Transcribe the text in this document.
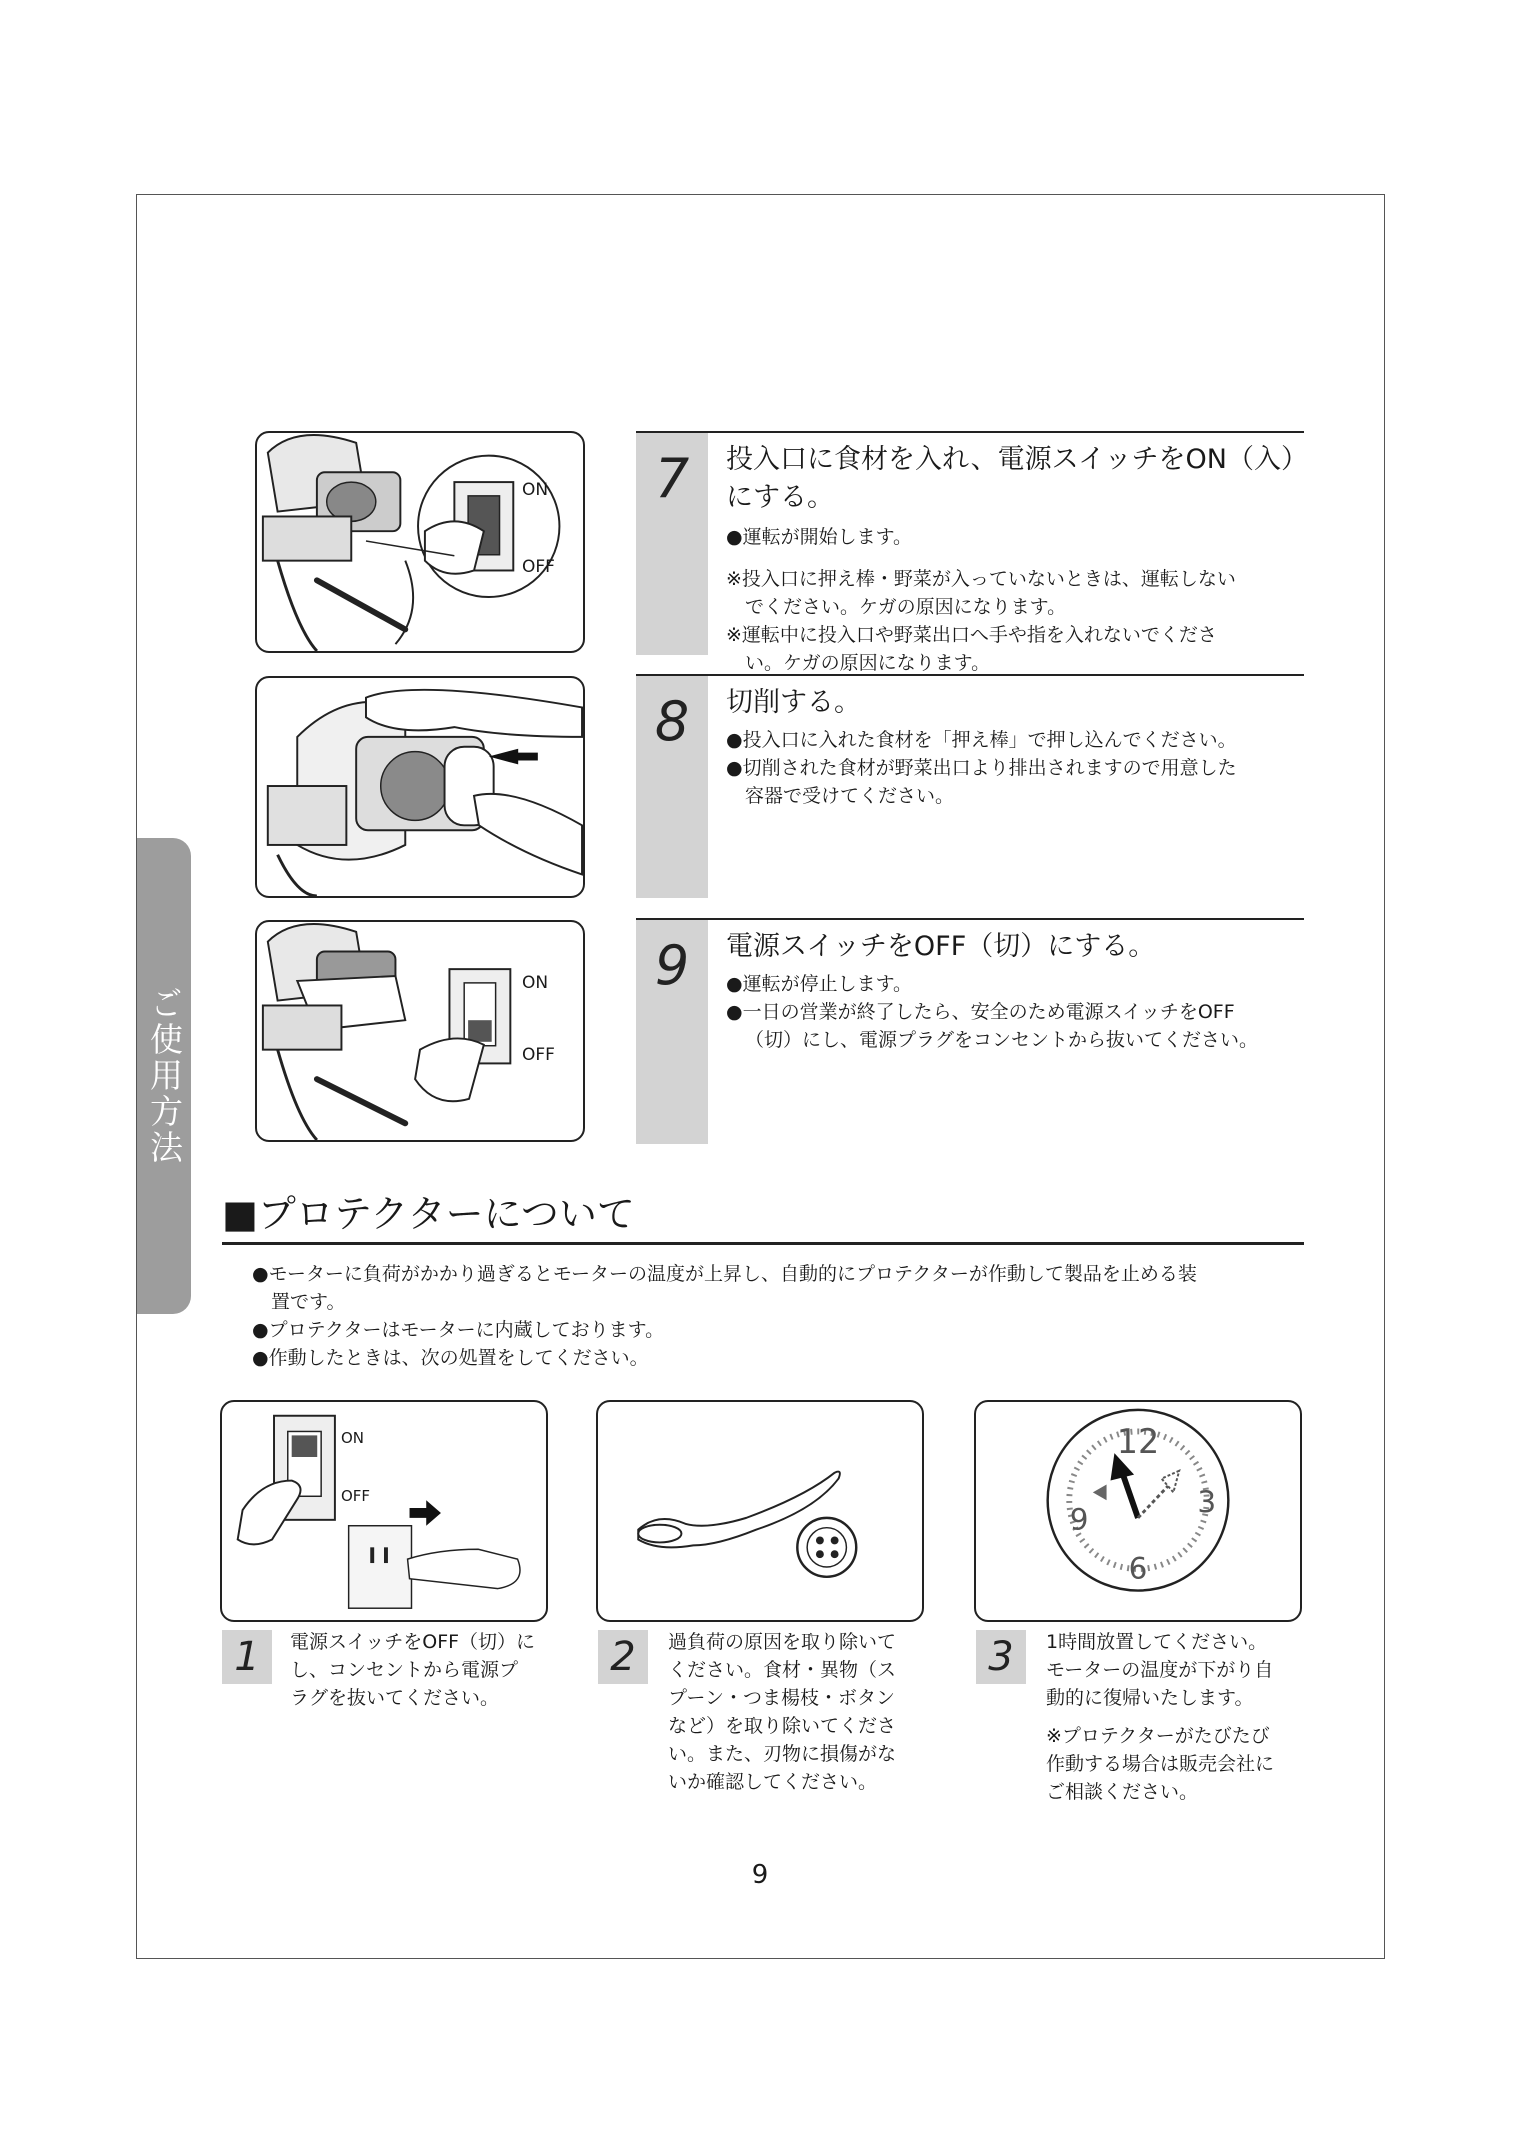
ご使用方法
ON
OFF
ON
OFF
7	投入口に食材を入れ、電源スイッチをON（入）にする。

●運転が開始します。

※投入口に押え棒・野菜が入っていないときは、運転しない

でください。ケガの原因になります。

※運転中に投入口や野菜出口へ手や指を入れないでくださ

い。ケガの原因になります。

8	切削する。

●投入口に入れた食材を「押え棒」で押し込んでください。

●切削された食材が野菜出口より排出されますので用意した

容器で受けてください。

9	電源スイッチをOFF（切）にする。

●運転が停止します。

●一日の営業が終了したら、安全のため電源スイッチをOFF

（切）にし、電源プラグをコンセントから抜いてください。

■プロテクターについて

●モーターに負荷がかかり過ぎるとモーターの温度が上昇し、自動的にプロテクターが作動して製品を止める装

置です。

●プロテクターはモーターに内蔵しております。

●作動したときは、次の処置をしてください。

ON
OFF
12
3
6
9
1	電源スイッチをOFF（切）に

し、コンセントから電源プ

ラグを抜いてください。

2	過負荷の原因を取り除いて

ください。食材・異物（ス

プーン・つま楊枝・ボタン

など）を取り除いてくださ

い。また、刃物に損傷がな

いか確認してください。

3	1時間放置してください。

モーターの温度が下がり自

動的に復帰いたします。

※プロテクターがたびたび

作動する場合は販売会社に

ご相談ください。

9
